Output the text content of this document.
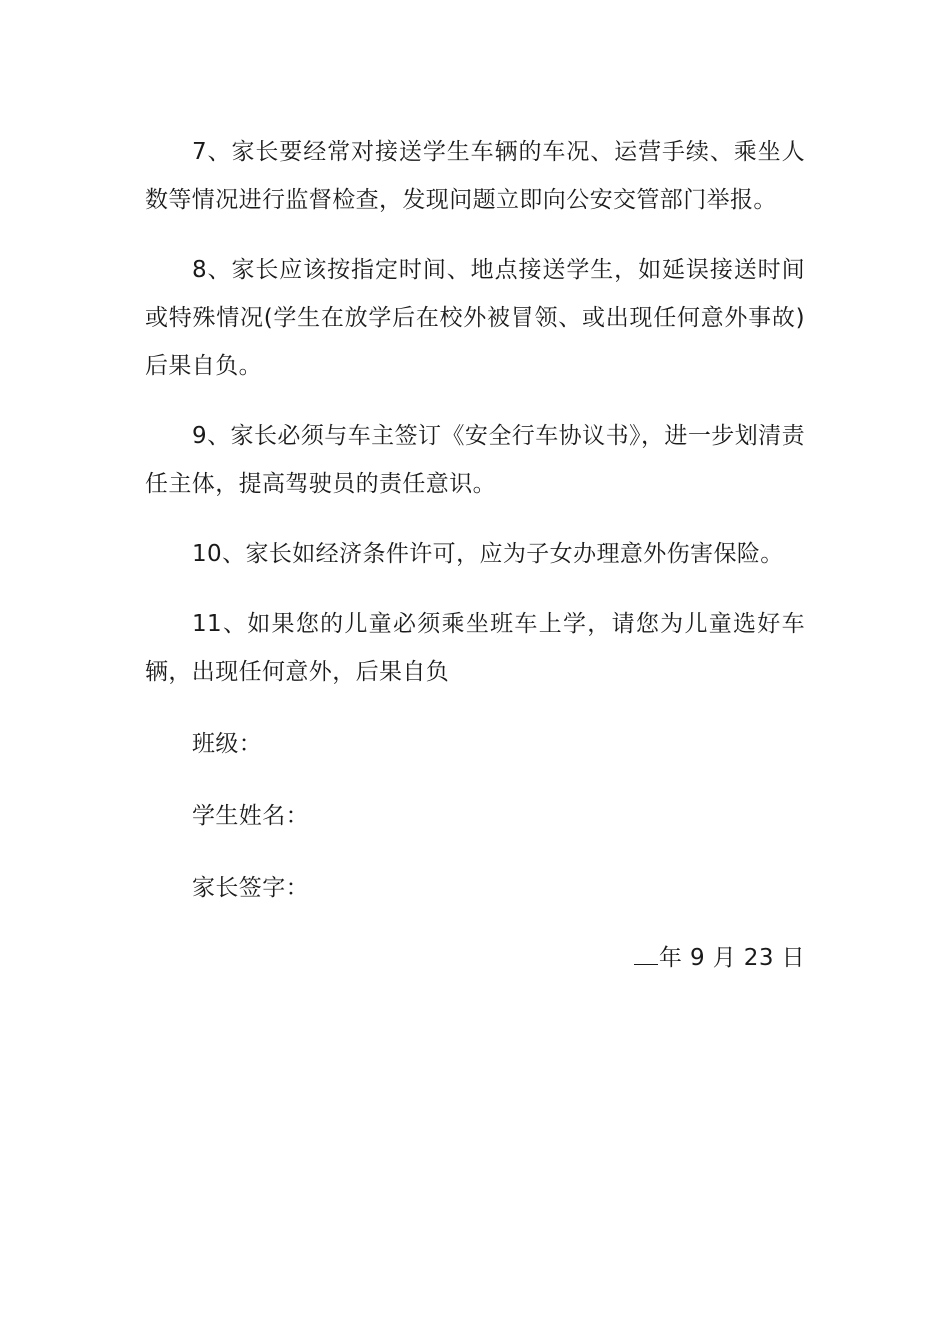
7、家长要经常对接送学生车辆的车况、运营手续、乘坐人数等情况进行监督检查，发现问题立即向公安交管部门举报。

8、家长应该按指定时间、地点接送学生，如延误接送时间或特殊情况(学生在放学后在校外被冒领、或出现任何意外事故)后果自负。

9、家长必须与车主签订《安全行车协议书》，进一步划清责任主体，提高驾驶员的责任意识。

10、家长如经济条件许可，应为子女办理意外伤害保险。

11、如果您的儿童必须乘坐班车上学，请您为儿童选好车辆，出现任何意外，后果自负

班级：

学生姓名：

家长签字：

年 9 月 23 日
